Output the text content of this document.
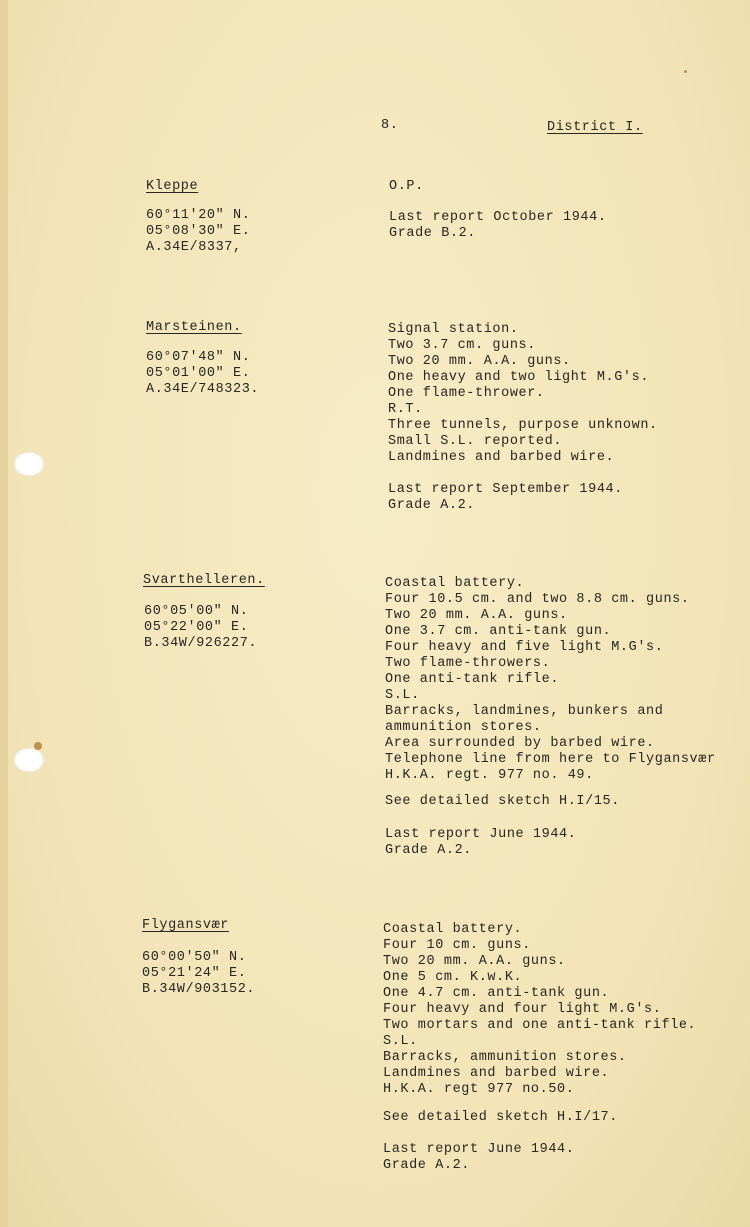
8.	District I.
Kleppe
60°11'20" N.
05°08'30" E.
A.34E/8337,
O.P.
Last report October 1944.
Grade B.2.
Marsteinen.
60°07'48" N.
05°01'00" E.
A.34E/748323.
Signal station.
Two 3.7 cm. guns.
Two 20 mm. A.A. guns.
One heavy and two light M.G's.
One flame-thrower.
R.T.
Three tunnels, purpose unknown.
Small S.L. reported.
Landmines and barbed wire.
Last report September 1944.
Grade A.2.
Svarthelleren.
60°05'00" N.
05°22'00" E.
B.34W/926227.
Coastal battery.
Four 10.5 cm. and two 8.8 cm. guns.
Two 20 mm. A.A. guns.
One 3.7 cm. anti-tank gun.
Four heavy and five light M.G's.
Two flame-throwers.
One anti-tank rifle.
S.L.
Barracks, landmines, bunkers and
ammunition stores.
Area surrounded by barbed wire.
Telephone line from here to Flygansvær
H.K.A. regt. 977 no. 49.
See detailed sketch H.I/15.
Last report June 1944.
Grade A.2.
Flygansvær
60°00'50" N.
05°21'24" E.
B.34W/903152.
Coastal battery.
Four 10 cm. guns.
Two 20 mm. A.A. guns.
One 5 cm. K.w.K.
One 4.7 cm. anti-tank gun.
Four heavy and four light M.G's.
Two mortars and one anti-tank rifle.
S.L.
Barracks, ammunition stores.
Landmines and barbed wire.
H.K.A. regt 977 no.50.
See detailed sketch H.I/17.
Last report June 1944.
Grade A.2.
